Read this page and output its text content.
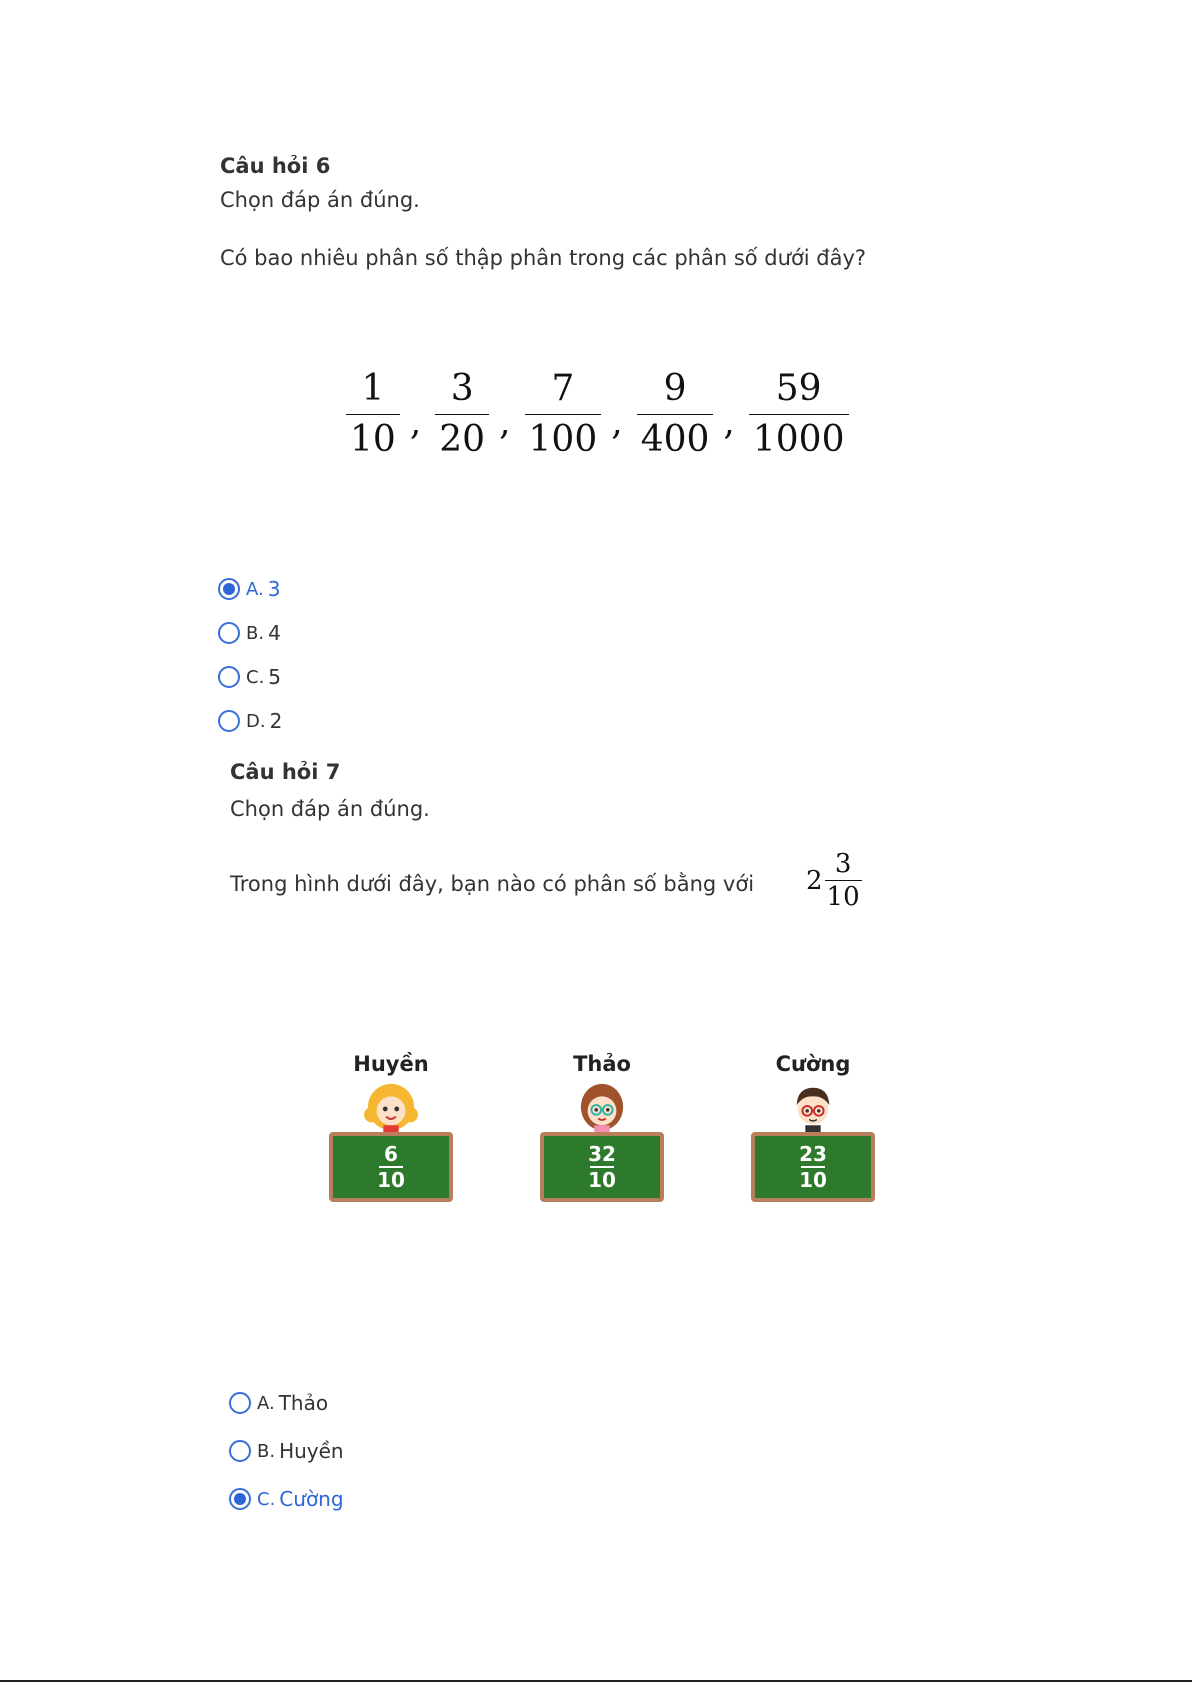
Câu hỏi 6
Chọn đáp án đúng.
Có bao nhiêu phân số thập phân trong các phân số dưới đây?
$\frac{1}{10}$ , $\frac{3}{20}$ , $\frac{7}{100}$ , $\frac{9}{400}$ , $\frac{59}{1000}$
A. 3
B. 4
C. 5
D. 2
Câu hỏi 7
Chọn đáp án đúng.
Trong hình dưới đây, bạn nào có phân số bằng với 2
3
10
Huyền
6
10
Thảo
32
10
Cường
23
10
A. Thảo
B. Huyền
C. Cường
